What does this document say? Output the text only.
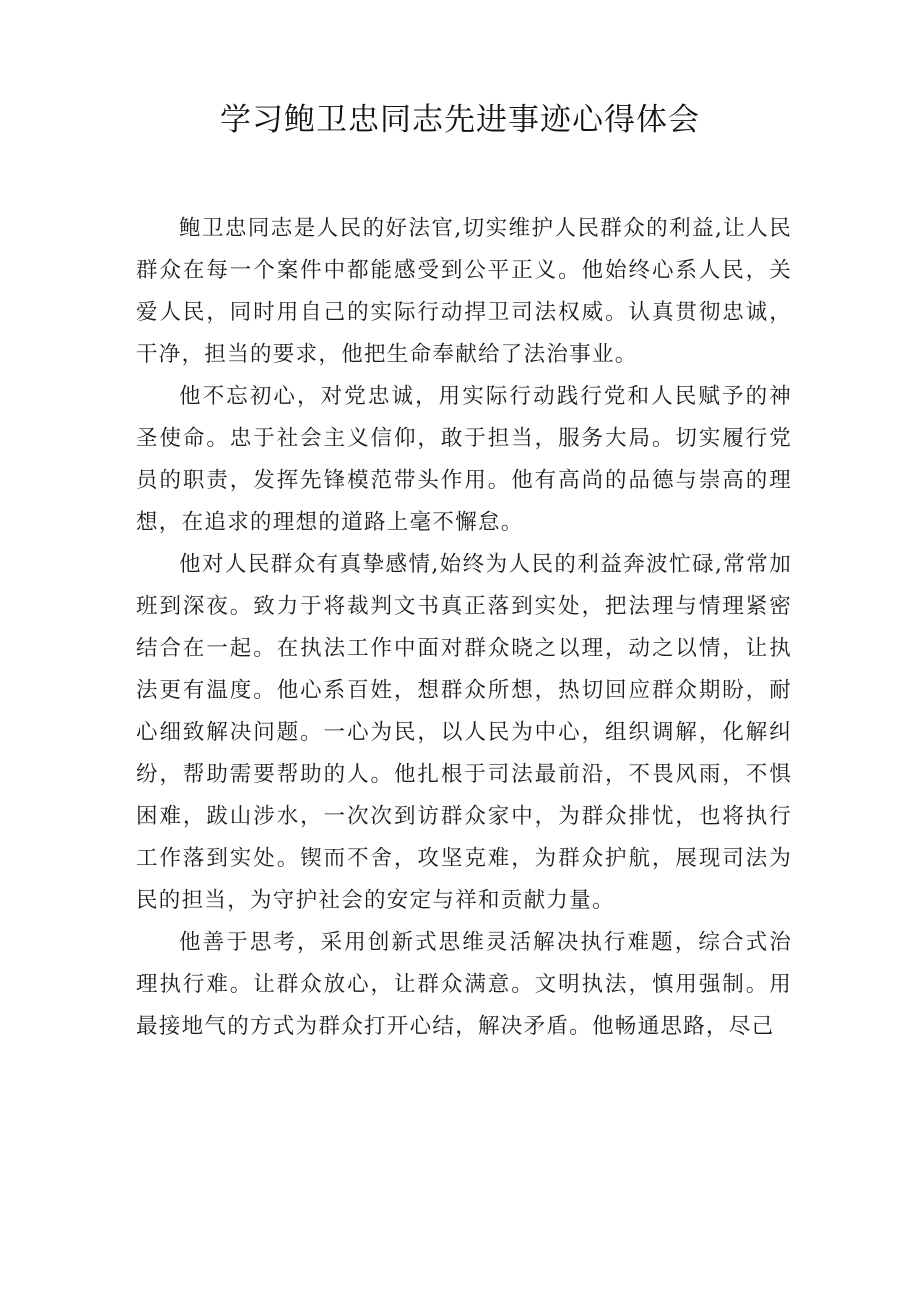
学习鲍卫忠同志先进事迹心得体会

鲍卫忠同志是人民的好法官,切实维护人民群众的利益,让人民群众在每一个案件中都能感受到公平正义。他始终心系人民，关爱人民，同时用自己的实际行动捍卫司法权威。认真贯彻忠诚，干净，担当的要求，他把生命奉献给了法治事业。

他不忘初心，对党忠诚，用实际行动践行党和人民赋予的神圣使命。忠于社会主义信仰，敢于担当，服务大局。切实履行党员的职责，发挥先锋模范带头作用。他有高尚的品德与崇高的理想，在追求的理想的道路上毫不懈怠。

他对人民群众有真挚感情,始终为人民的利益奔波忙碌,常常加班到深夜。致力于将裁判文书真正落到实处，把法理与情理紧密结合在一起。在执法工作中面对群众晓之以理，动之以情，让执法更有温度。他心系百姓，想群众所想，热切回应群众期盼，耐心细致解决问题。一心为民，以人民为中心，组织调解，化解纠纷，帮助需要帮助的人。他扎根于司法最前沿，不畏风雨，不惧困难，跋山涉水，一次次到访群众家中，为群众排忧，也将执行工作落到实处。锲而不舍，攻坚克难，为群众护航，展现司法为民的担当，为守护社会的安定与祥和贡献力量。

他善于思考，采用创新式思维灵活解决执行难题，综合式治理执行难。让群众放心，让群众满意。文明执法，慎用强制。用最接地气的方式为群众打开心结，解决矛盾。他畅通思路，尽己
